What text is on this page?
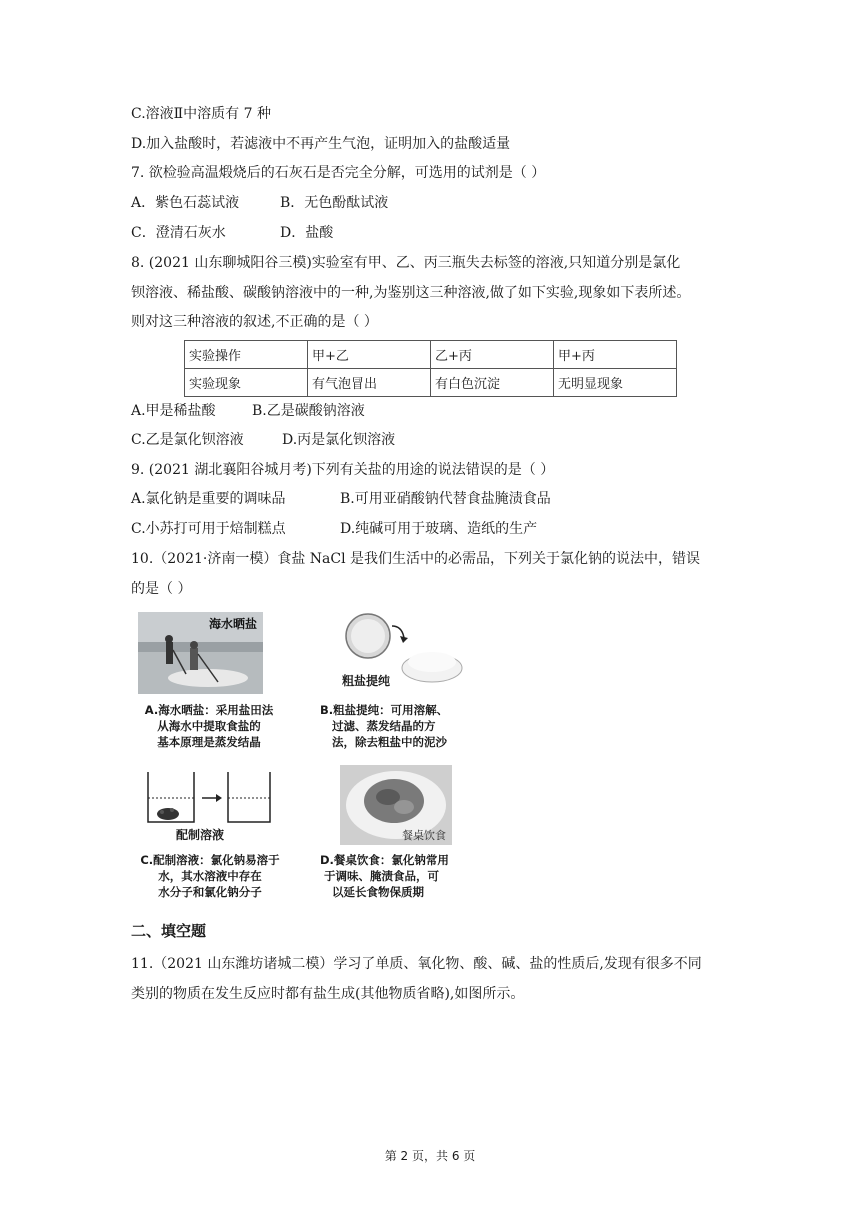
C.溶液Ⅱ中溶质有 7 种
D.加入盐酸时，若滤液中不再产生气泡，证明加入的盐酸适量
7. 欲检验高温煅烧后的石灰石是否完全分解，可选用的试剂是（ ）
A．紫色石蕊试液	B．无色酚酞试液
C．澄清石灰水	D．盐酸
8. (2021 山东聊城阳谷三模)实验室有甲、乙、丙三瓶失去标签的溶液,只知道分别是氯化
钡溶液、稀盐酸、碳酸钠溶液中的一种,为鉴别这三种溶液,做了如下实验,现象如下表所述。
则对这三种溶液的叙述,不正确的是（ ）
实验操作	甲+乙	乙+丙	甲+丙
实验现象	有气泡冒出	有白色沉淀	无明显现象
A.甲是稀盐酸	B.乙是碳酸钠溶液
C.乙是氯化钡溶液	D.丙是氯化钡溶液
9. (2021 湖北襄阳谷城月考)下列有关盐的用途的说法错误的是（ ）
A.氯化钠是重要的调味品	B.可用亚硝酸钠代替食盐腌渍食品
C.小苏打可用于焙制糕点	D.纯碱可用于玻璃、造纸的生产
10.（2021·济南一模）食盐 NaCl 是我们生活中的必需品，下列关于氯化钠的说法中，错误
的是（ ）
海水晒盐
A.海水晒盐：采用盐田法
从海水中提取食盐的
基本原理是蒸发结晶
粗盐提纯
B.粗盐提纯：可用溶解、
过滤、蒸发结晶的方
法，除去粗盐中的泥沙
配制溶液
C.配制溶液：氯化钠易溶于
水，其水溶液中存在
水分子和氯化钠分子
餐桌饮食
D.餐桌饮食：氯化钠常用
于调味、腌渍食品，可
以延长食物保质期
二、填空题
11.（2021 山东潍坊诸城二模）学习了单质、氧化物、酸、碱、盐的性质后,发现有很多不同
类别的物质在发生反应时都有盐生成(其他物质省略),如图所示。
第 2 页，共 6 页
